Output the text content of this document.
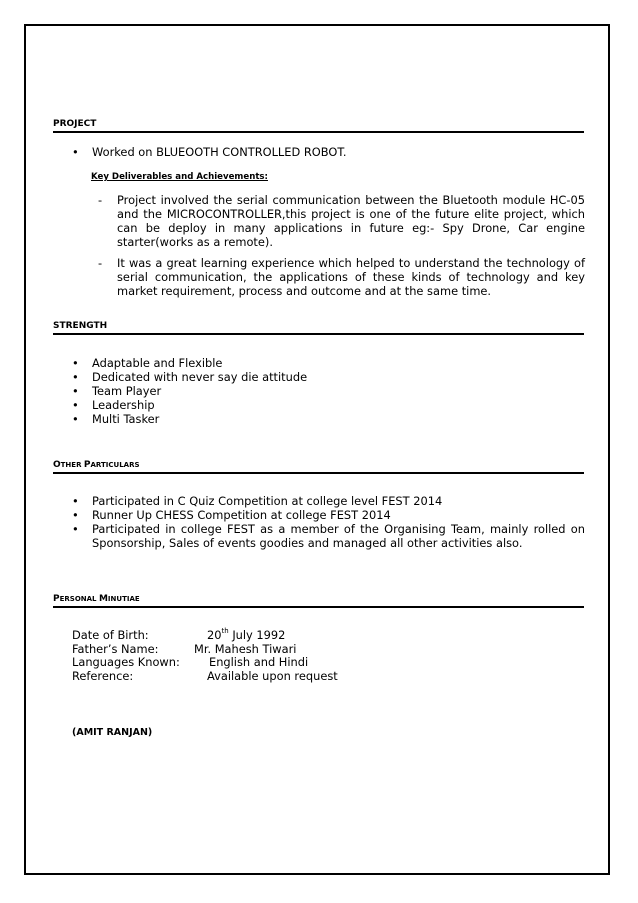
PROJECT
• Worked on BLUEOOTH CONTROLLED ROBOT.
Key Deliverables and Achievements:
- Project involved the serial communication between the Bluetooth module HC-05 and the MICROCONTROLLER,this project is one of the future elite project, which can be deploy in many applications in future eg:- Spy Drone, Car engine starter(works as a remote).
- It was a great learning experience which helped to understand the technology of serial communication, the applications of these kinds of technology and key market requirement, process and outcome and at the same time.
STRENGTH
• Adaptable and Flexible
• Dedicated with never say die attitude
• Team Player
• Leadership
• Multi Tasker
OTHER PARTICULARS
• Participated in C Quiz Competition at college level FEST 2014
• Runner Up CHESS Competition at college FEST 2014
• Participated in college FEST as a member of the Organising Team, mainly rolled on Sponsorship, Sales of events goodies and managed all other activities also.
PERSONAL MINUTIAE
Date of Birth:	20th July 1992
Father’s Name:	Mr. Mahesh Tiwari
Languages Known:	English and Hindi
Reference:	Available upon request
(AMIT RANJAN)
